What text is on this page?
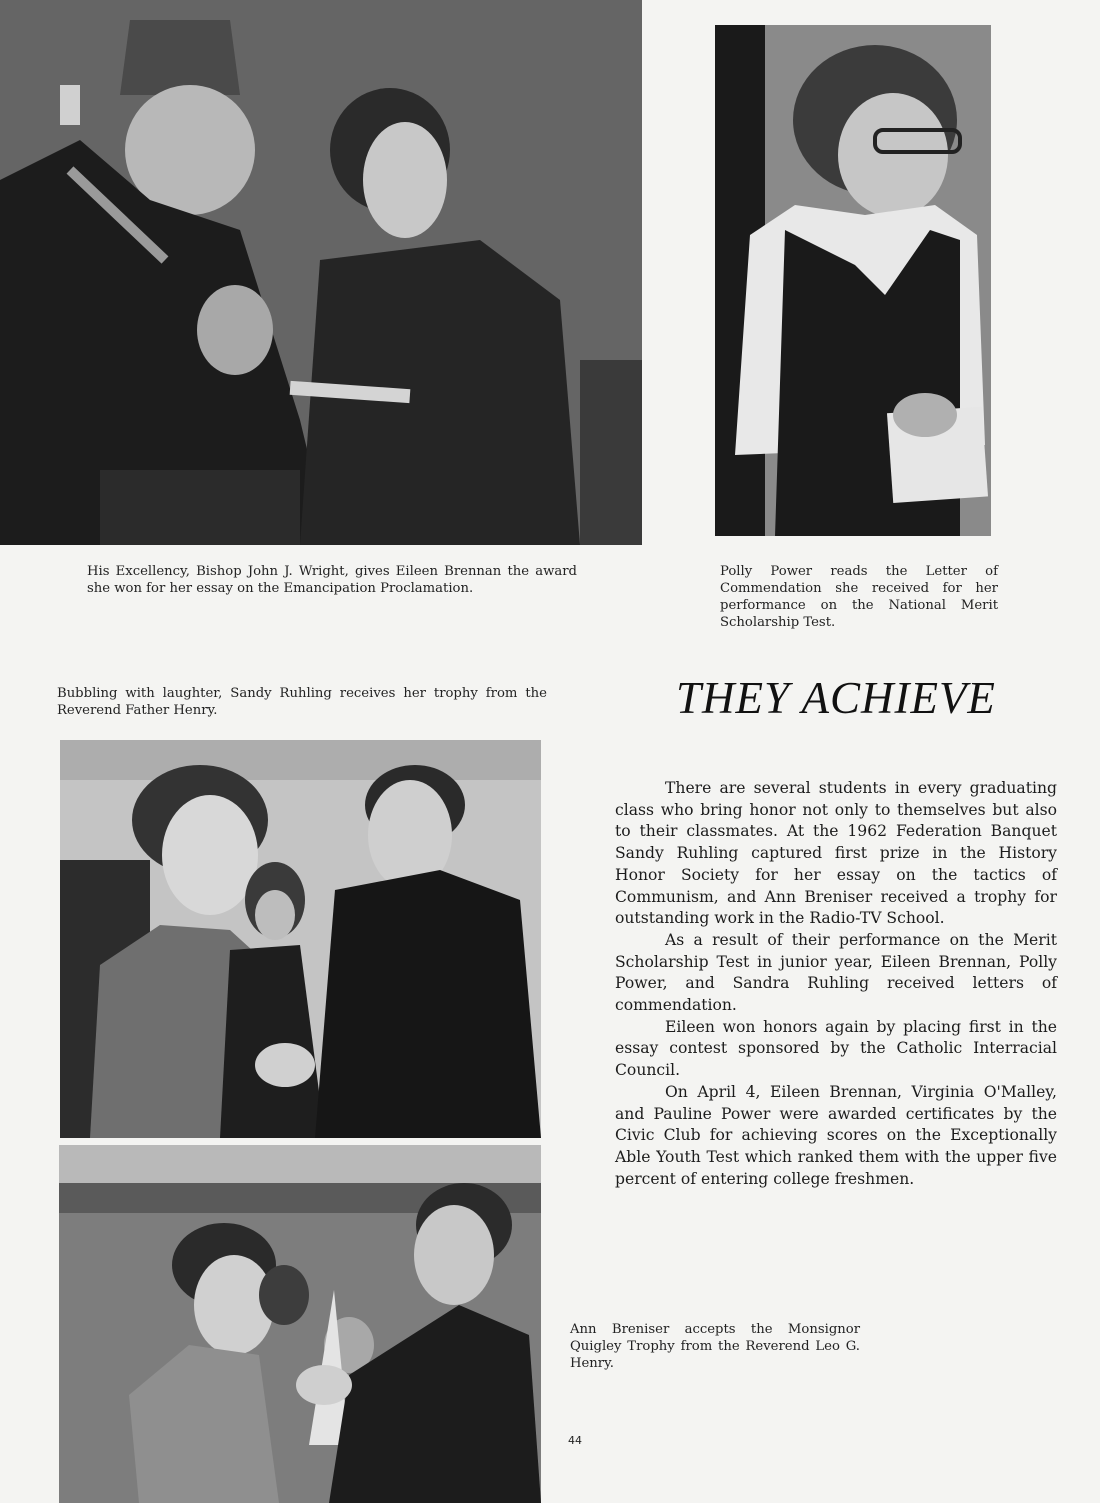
His Excellency, Bishop John J. Wright, gives Eileen Brennan the award she won for her essay on the Emancipation Proclamation.
Polly Power reads the Letter of Commendation she received for her performance on the National Merit Scholarship Test.
Bubbling with laughter, Sandy Ruhling receives her trophy from the Reverend Father Henry.	THEY ACHIEVE

There are several students in every graduating class who bring honor not only to themselves but also to their classmates. At the 1962 Federation Banquet Sandy Ruhling captured first prize in the History Honor Society for her essay on the tactics of Communism, and Ann Breniser received a trophy for outstanding work in the Radio-TV School.

As a result of their performance on the Merit Scholarship Test in junior year, Eileen Brennan, Polly Power, and Sandra Ruhling received letters of commendation.

Eileen won honors again by placing first in the essay contest sponsored by the Catholic Interracial Council.

On April 4, Eileen Brennan, Virginia O'Malley, and Pauline Power were awarded certificates by the Civic Club for achieving scores on the Exceptionally Able Youth Test which ranked them with the upper five percent of entering college freshmen.

Ann Breniser accepts the Monsignor Quigley Trophy from the Reverend Leo G. Henry.
44
